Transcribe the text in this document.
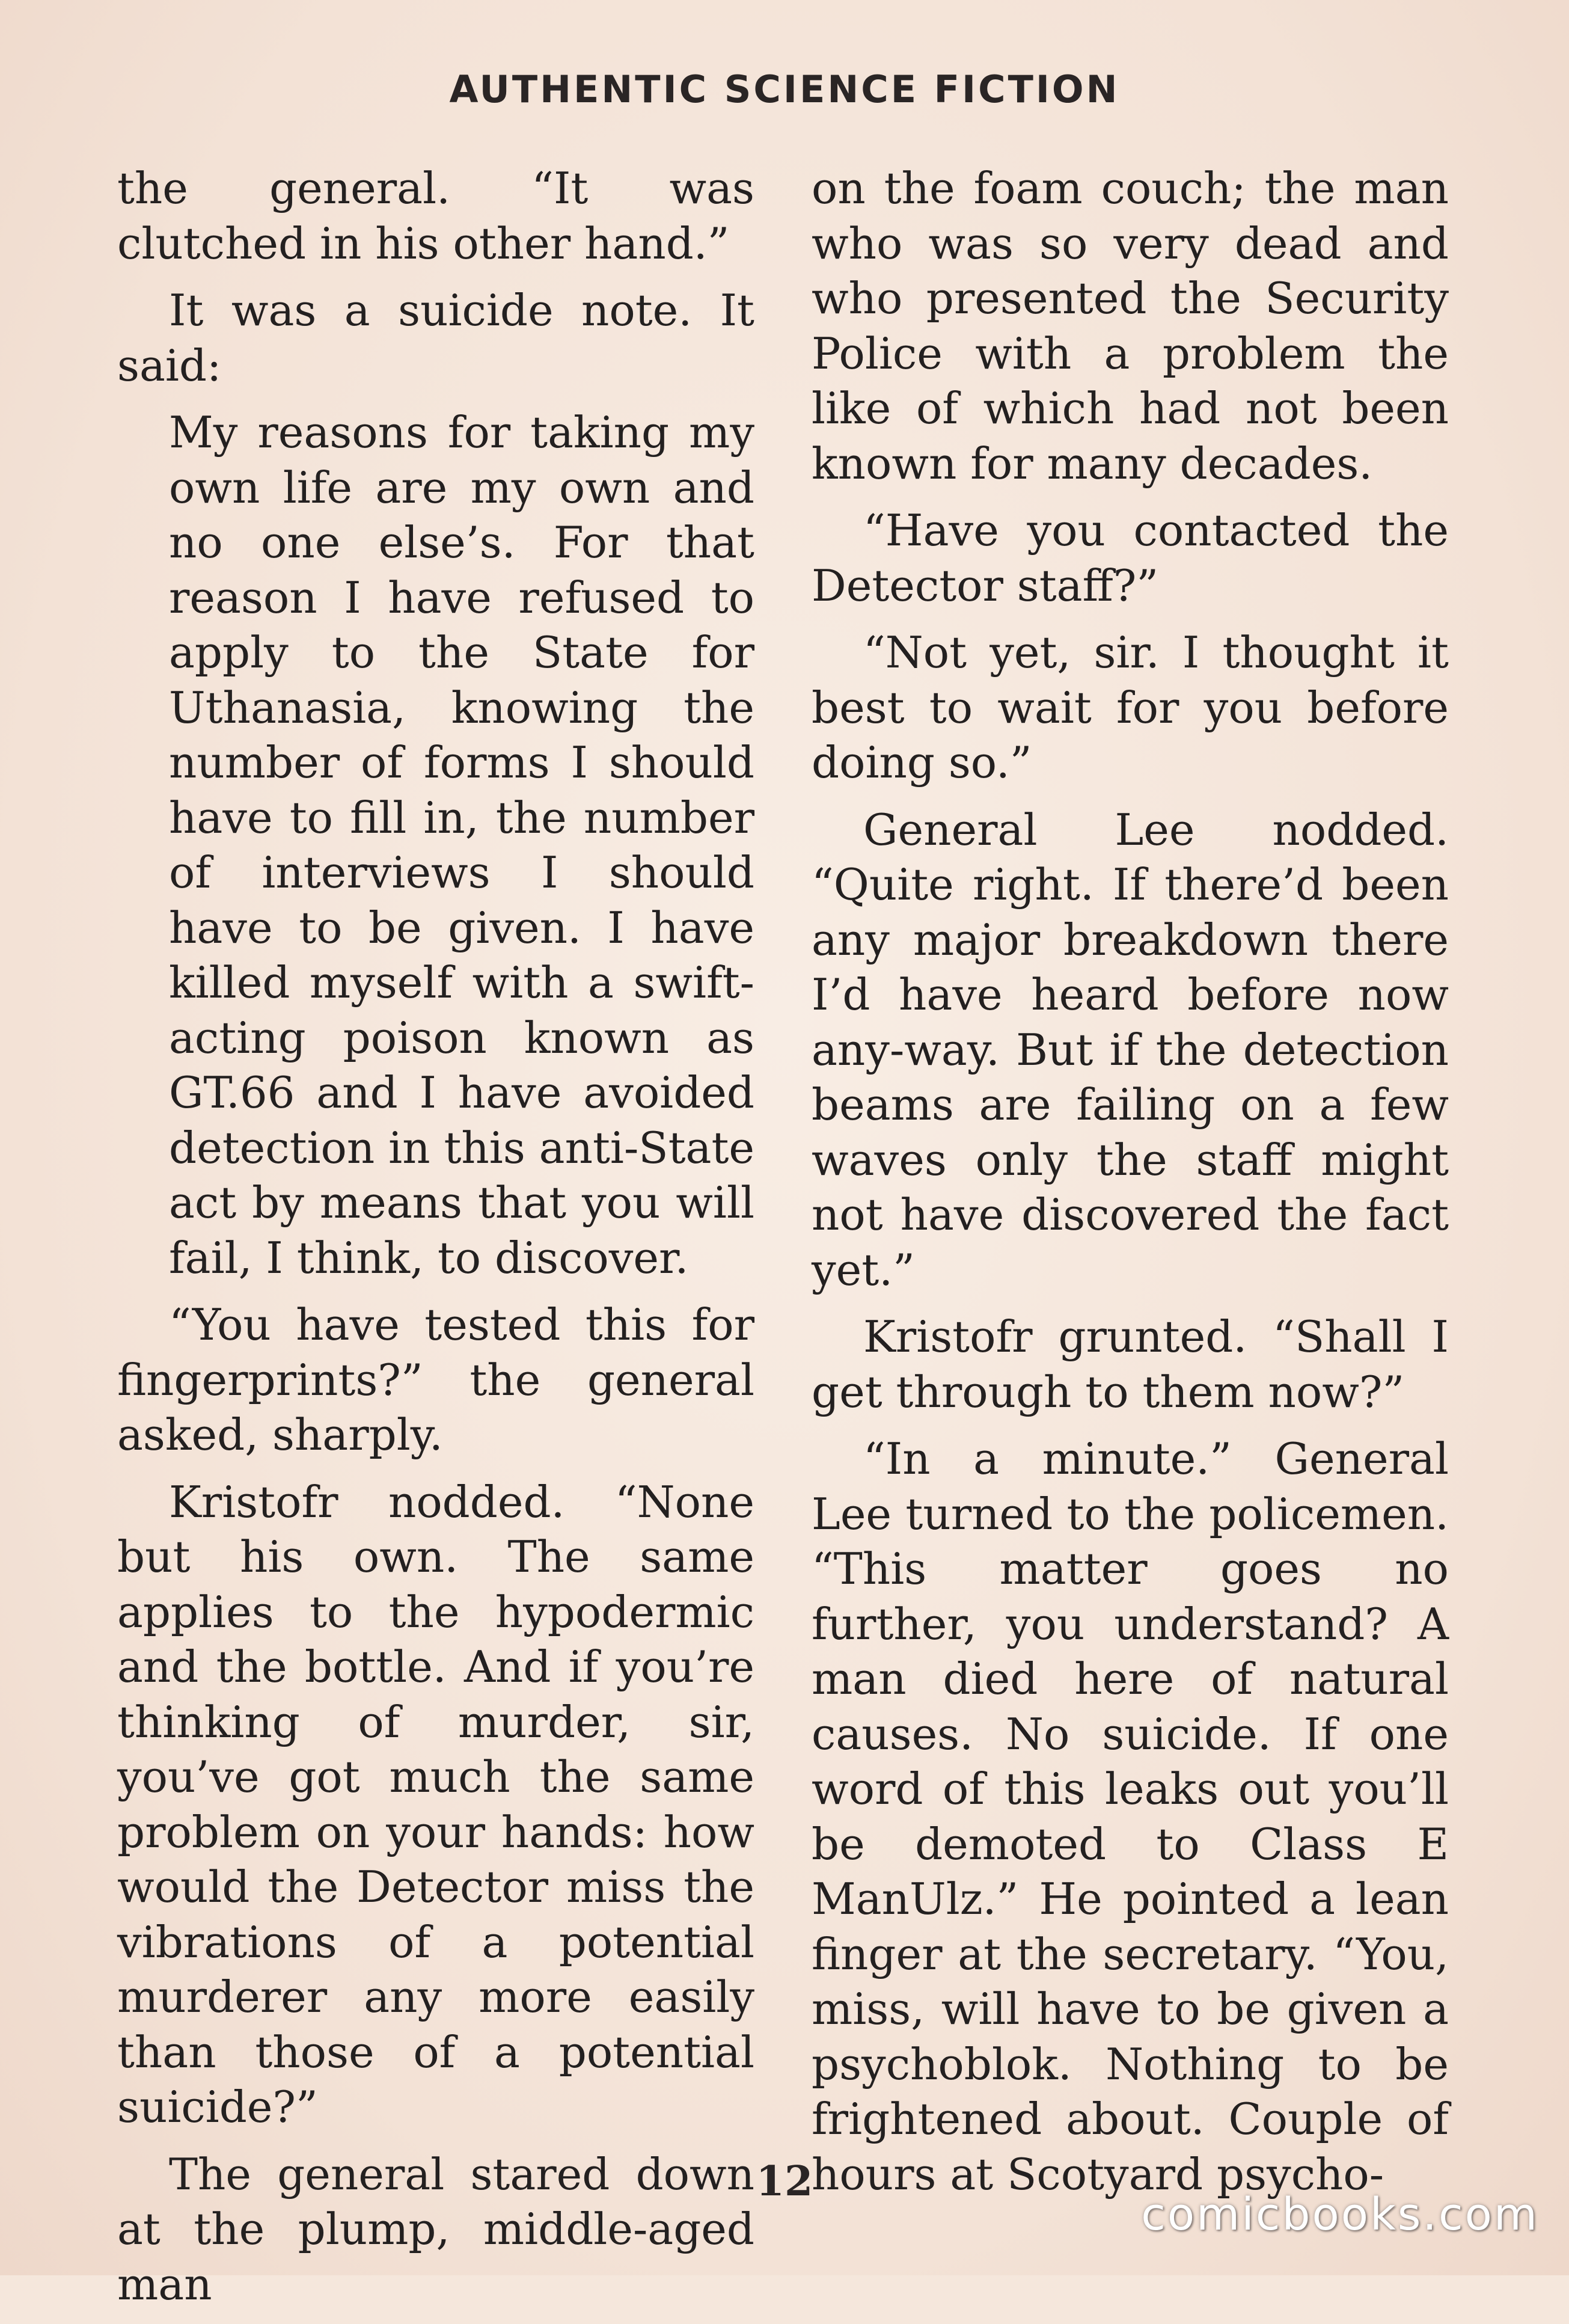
AUTHENTIC SCIENCE FICTION

the general. “It was clutched in his other hand.”

It was a suicide note. It said:

My reasons for taking my own life are my own and no one else’s. For that reason I have refused to apply to the State for Uthanasia, knowing the number of forms I should have to fill in, the number of interviews I should have to be given. I have killed myself with a swift-acting poison known as GT.66 and I have avoided detection in this anti-State act by means that you will fail, I think, to discover.

“You have tested this for fingerprints?” the general asked, sharply.

Kristofr nodded. “None but his own. The same applies to the hypodermic and the bottle. And if you’re thinking of murder, sir, you’ve got much the same problem on your hands: how would the Detector miss the vibrations of a potential murderer any more easily than those of a potential suicide?”

The general stared down at the plump, middle-aged man

on the foam couch; the man who was so very dead and who presented the Security Police with a problem the like of which had not been known for many decades.

“Have you contacted the Detector staff?”

“Not yet, sir. I thought it best to wait for you before doing so.”

General Lee nodded. “Quite right. If there’d been any major breakdown there I’d have heard before now any-way. But if the detection beams are failing on a few waves only the staff might not have discovered the fact yet.”

Kristofr grunted. “Shall I get through to them now?”

“In a minute.” General Lee turned to the policemen. “This matter goes no further, you understand? A man died here of natural causes. No suicide. If one word of this leaks out you’ll be demoted to Class E ManUlz.” He pointed a lean finger at the secretary. “You, miss, will have to be given a psychoblok. Nothing to be frightened about. Couple of hours at Scotyard psycho-

12
comicbooks.com
